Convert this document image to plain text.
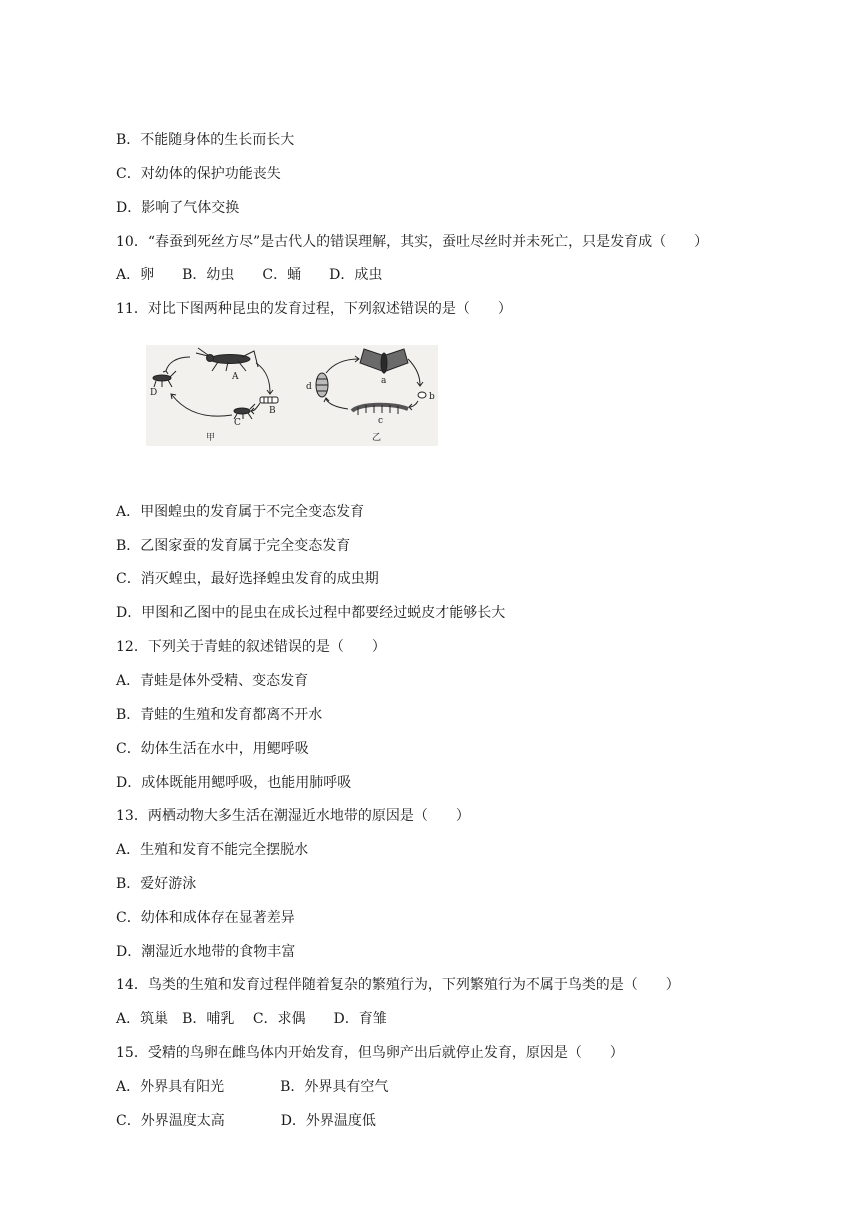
B．不能随身体的生长而长大
C．对幼体的保护功能丧失
D．影响了气体交换
10．“春蚕到死丝方尽”是古代人的错误理解，其实，蚕吐尽丝时并未死亡，只是发育成（　　）
A．卵　　B．幼虫　　C．蛹　　D．成虫
11．对比下图两种昆虫的发育过程，下列叙述错误的是（　　）
A
B
C
D
甲
a
b
c
d
乙
A．甲图蝗虫的发育属于不完全变态发育
B．乙图家蚕的发育属于完全变态发育
C．消灭蝗虫，最好选择蝗虫发育的成虫期
D．甲图和乙图中的昆虫在成长过程中都要经过蜕皮才能够长大
12．下列关于青蛙的叙述错误的是（　　）
A．青蛙是体外受精、变态发育
B．青蛙的生殖和发育都离不开水
C．幼体生活在水中，用鳃呼吸
D．成体既能用鳃呼吸，也能用肺呼吸
13．两栖动物大多生活在潮湿近水地带的原因是（　　）
A．生殖和发育不能完全摆脱水
B．爱好游泳
C．幼体和成体存在显著差异
D．潮湿近水地带的食物丰富
14．鸟类的生殖和发育过程伴随着复杂的繁殖行为，下列繁殖行为不属于鸟类的是（　　）
A．筑巢　B．哺乳　 C．求偶　　D．育雏
15．受精的鸟卵在雌鸟体内开始发育，但鸟卵产出后就停止发育，原因是（　　）
A．外界具有阳光　　　　B．外界具有空气
C．外界温度太高　　　　D．外界温度低
